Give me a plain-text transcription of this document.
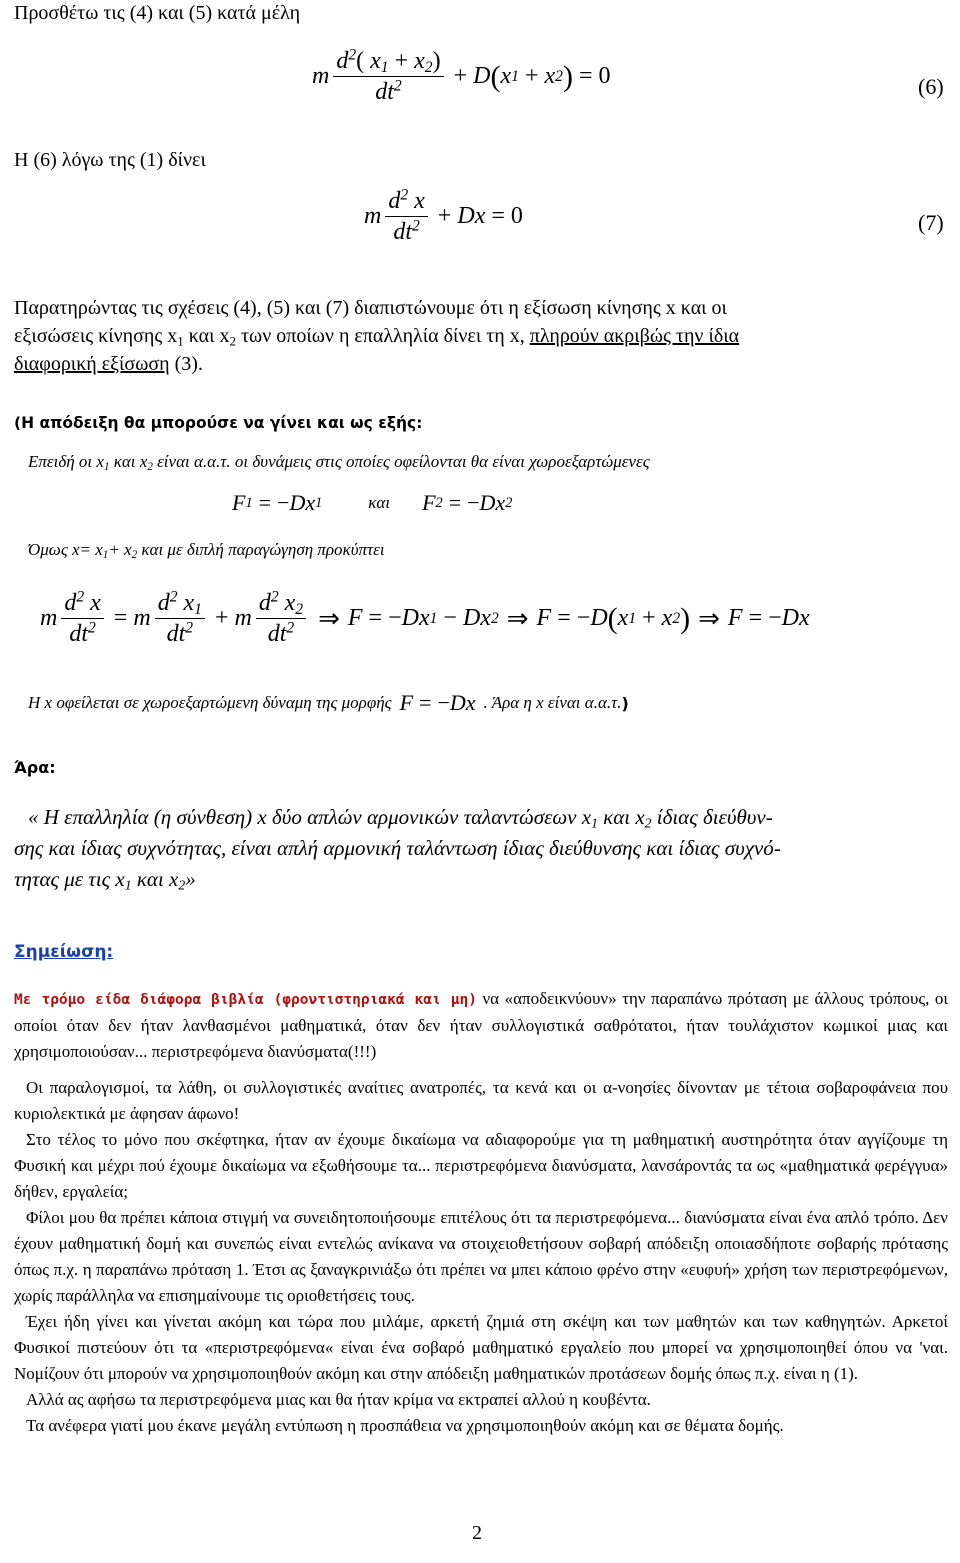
Προσθέτω τις (4) και (5) κατά μέλη
m $\frac{d^2( x_1 + x_2)}{dt^2} + D$ ( x 1 + x 2 ) = 0	(6)
Η (6) λόγω της (1) δίνει
m $\frac{d^2 x}{dt^2} + D$ x = 0	(7)
Παρατηρώντας τις σχέσεις (4), (5) και (7) διαπιστώνουμε ότι η εξίσωση κίνησης x και οι
εξισώσεις κίνησης $x_1$ και $x_2$ των οποίων η επαλληλία δίνει τη x, πληρούν ακριβώς την ίδια
διαφορική εξίσωση (3).
(Η απόδειξη θα μπορούσε να γίνει και ως εξής:
Επειδή οι $x_1$ και $x_2$ είναι α.α.τ. οι δυνάμεις στις οποίες οφείλονται θα είναι χωροεξαρτώμενες
F 1 = − Dx 1	και F 2 = − Dx 2
Όμως $x= x_1+ x_2$ και με διπλή παραγώγηση προκύπτει
m $\frac{d^2 x}{dt^2} = m \frac{d^2 x_1}{dt^2} + m \frac{d^2 x_2}{dt^2}$ ⇒ F = − Dx 1 − Dx 2 ⇒ F = − D ( x 1 + x 2 ) ⇒ F = − Dx
Η x οφείλεται σε χωροεξαρτώμενη δύναμη της μορφής F = −Dx . Άρα η x είναι α.α.τ. )
Άρα:
« Η επαλληλία (η σύνθεση) x δύο απλών αρμονικών ταλαντώσεων $x_1$ και $x_2$ ίδιας διεύθυν-
σης και ίδιας συχνότητας, είναι απλή αρμονική ταλάντωση ίδιας διεύθυνσης και ίδιας συχνό-
τητας με τις $x_1$ και $x_2$»
Σημείωση:

Με τρόμο είδα διάφορα βιβλία (φροντιστηριακά και μη) να «αποδεικνύουν» την παραπάνω πρόταση με άλλους τρόπους, οι οποίοι όταν δεν ήταν λανθασμένοι μαθηματικά, όταν δεν ήταν συλλογιστικά σαθρότατοι, ήταν τουλάχιστον κωμικοί μιας και χρησιμοποιούσαν... περιστρεφόμενα διανύσματα(!!!)

Οι παραλογισμοί, τα λάθη, οι συλλογιστικές αναίτιες ανατροπές, τα κενά και οι α-νοησίες δίνονταν με τέτοια σοβαροφάνεια που κυριολεκτικά με άφησαν άφωνο!

Στο τέλος το μόνο που σκέφτηκα, ήταν αν έχουμε δικαίωμα να αδιαφορούμε για τη μαθηματική αυστηρότητα όταν αγγίζουμε τη Φυσική και μέχρι πού έχουμε δικαίωμα να εξωθήσουμε τα... περιστρεφόμενα διανύσματα, λανσάροντάς τα ως «μαθηματικά φερέγγυα» δήθεν, εργαλεία;

Φίλοι μου θα πρέπει κάποια στιγμή να συνειδητοποιήσουμε επιτέλους ότι τα περιστρεφόμενα... διανύσματα είναι ένα απλό τρόπο. Δεν έχουν μαθηματική δομή και συνεπώς είναι εντελώς ανίκανα να στοιχειοθετήσουν σοβαρή απόδειξη οποιασδήποτε σοβαρής πρότασης όπως π.χ. η παραπάνω πρόταση 1. Έτσι ας ξαναγκρινιάξω ότι πρέπει να μπει κάποιο φρένο στην «ευφυή» χρήση των περιστρεφόμενων, χωρίς παράλληλα να επισημαίνουμε τις οριοθετήσεις τους.

Έχει ήδη γίνει και γίνεται ακόμη και τώρα που μιλάμε, αρκετή ζημιά στη σκέψη και των μαθητών και των καθηγητών. Αρκετοί Φυσικοί πιστεύουν ότι τα «περιστρεφόμενα« είναι ένα σοβαρό μαθηματικό εργαλείο που μπορεί να χρησιμοποιηθεί όπου να 'ναι. Νομίζουν ότι μπορούν να χρησιμοποιηθούν ακόμη και στην απόδειξη μαθηματικών προτάσεων δομής όπως π.χ. είναι η (1).

Αλλά ας αφήσω τα περιστρεφόμενα μιας και θα ήταν κρίμα να εκτραπεί αλλού η κουβέντα.

Τα ανέφερα γιατί μου έκανε μεγάλη εντύπωση η προσπάθεια να χρησιμοποιηθούν ακόμη και σε θέματα δομής.

2
